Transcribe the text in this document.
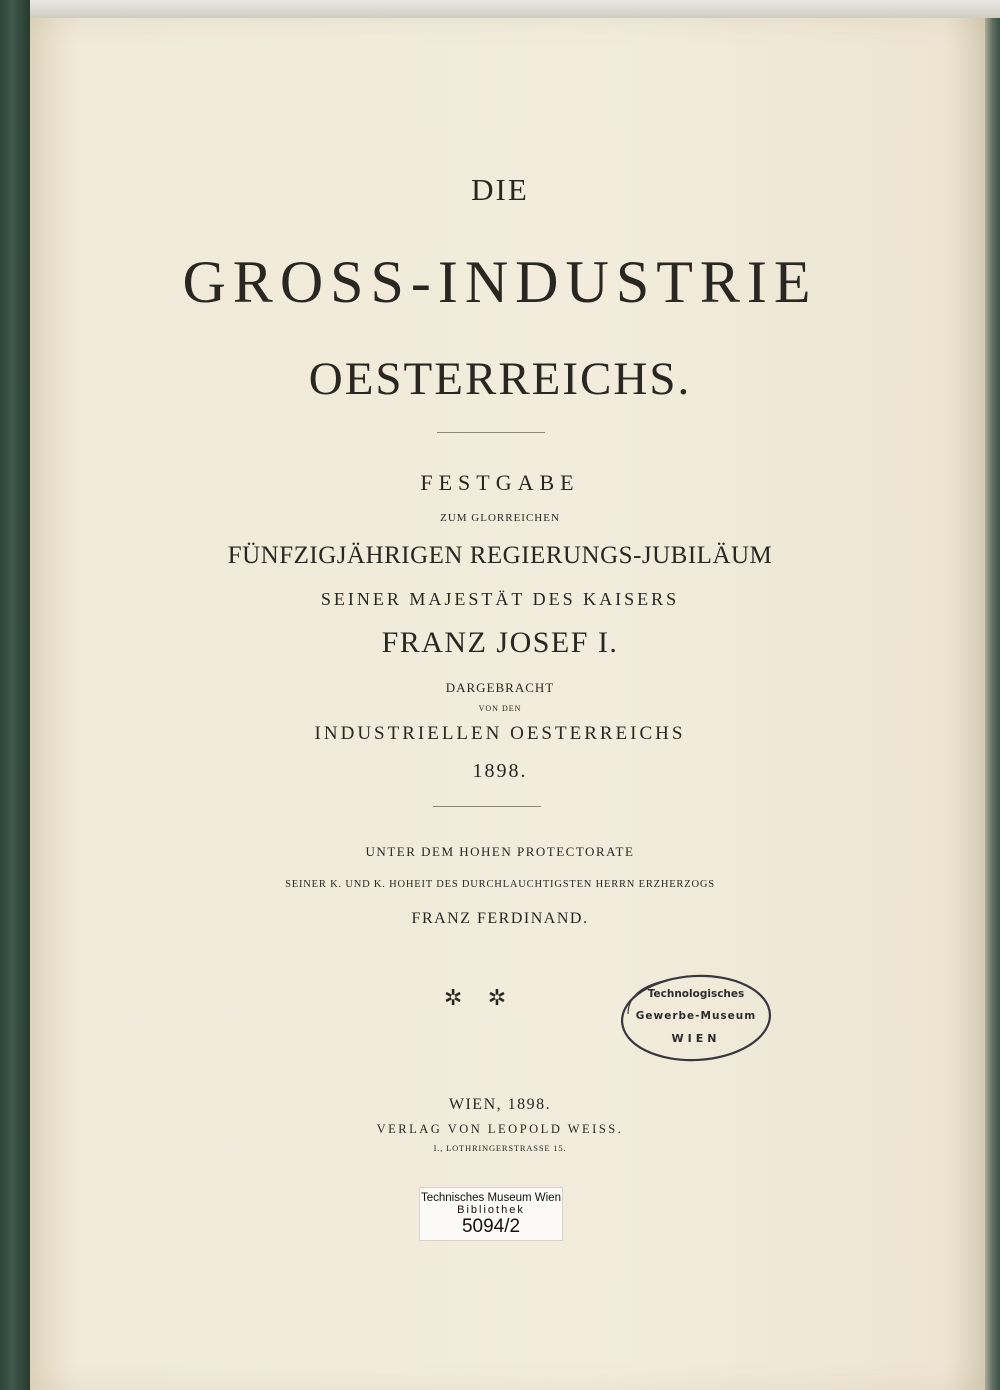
DIE
GROSS-INDUSTRIE
OESTERREICHS.

FESTGABE

ZUM GLORREICHEN

FÜNFZIGJÄHRIGEN REGIERUNGS-JUBILÄUM

SEINER MAJESTÄT DES KAISERS

FRANZ JOSEF I.

DARGEBRACHT

VON DEN

INDUSTRIELLEN OESTERREICHS

1898.

UNTER DEM HOHEN PROTECTORATE

SEINER K. UND K. HOHEIT DES DURCHLAUCHTIGSTEN HERRN ERZHERZOGS

FRANZ FERDINAND.

✲ ✲	Technologisches
Gewerbe-Museum
WIEN

WIEN, 1898.

VERLAG VON LEOPOLD WEISS.

I., LOTHRINGERSTRASSE 15.

Technisches Museum Wien
Bibliothek
5094/2
